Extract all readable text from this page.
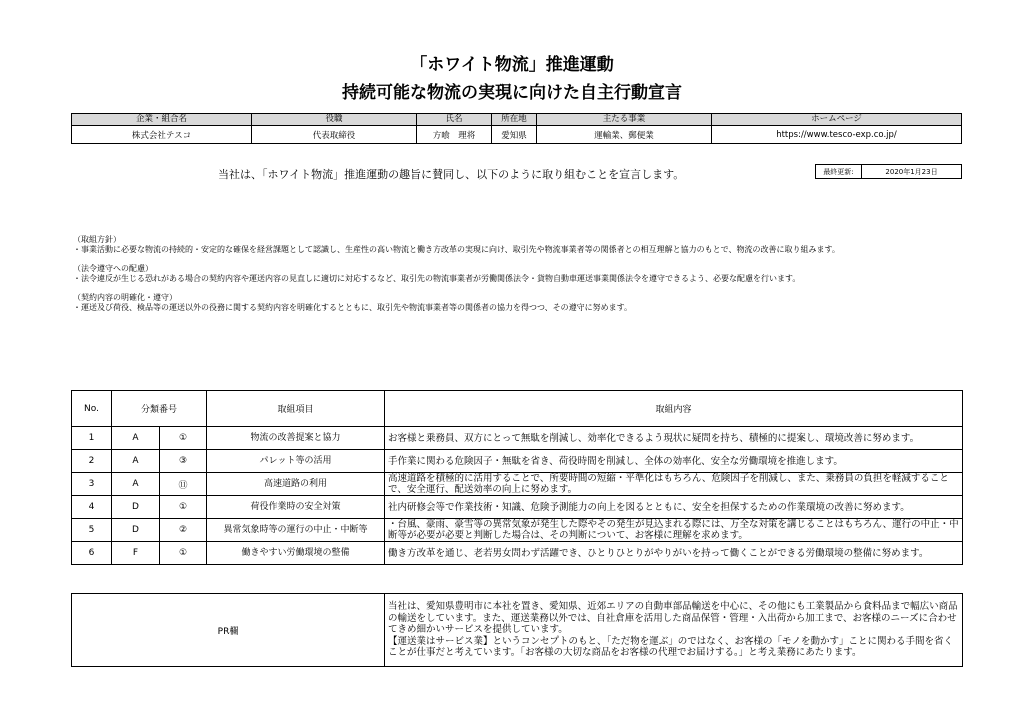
「ホワイト物流」推進運動
持続可能な物流の実現に向けた自主行動宣言
企業・組合名	役職	氏名	所在地	主たる事業	ホームページ
株式会社テスコ	代表取締役	方喰　理将	愛知県	運輸業、郵便業	https://www.tesco-exp.co.jp/
当社は、「ホワイト物流」推進運動の趣旨に賛同し、以下のように取り組むことを宣言します。	最終更新:	2020年1月23日
（取組方針）
・事業活動に必要な物流の持続的・安定的な確保を経営課題として認識し、生産性の高い物流と働き方改革の実現に向け、取引先や物流事業者等の関係者との相互理解と協力のもとで、物流の改善に取り組みます。
（法令遵守への配慮）
・法令違反が生じる恐れがある場合の契約内容や運送内容の見直しに適切に対応するなど、取引先の物流事業者が労働関係法令・貨物自動車運送事業関係法令を遵守できるよう、必要な配慮を行います。
（契約内容の明確化・遵守）
・運送及び荷役、検品等の運送以外の役務に関する契約内容を明確化するとともに、取引先や物流事業者等の関係者の協力を得つつ、その遵守に努めます。
No.	分類番号		取組項目	取組内容
1	A	①	物流の改善提案と協力	お客様と乗務員、双方にとって無駄を削減し、効率化できるよう現状に疑問を持ち、積極的に提案し、環境改善に努めます。
2	A	③	パレット等の活用	手作業に関わる危険因子・無駄を省き、荷役時間を削減し、全体の効率化、安全な労働環境を推進します。
3	A	⑪	高速道路の利用	高速道路を積極的に活用することで、所要時間の短縮・平準化はもちろん、危険因子を削減し、また、乗務員の負担を軽減することで、安全運行、配送効率の向上に努めます。
4	D	①	荷役作業時の安全対策	社内研修会等で作業技術・知識、危険予測能力の向上を図るとともに、安全を担保するための作業環境の改善に努めます。
5	D	②	異常気象時等の運行の中止・中断等	・台風、豪雨、豪雪等の異常気象が発生した際やその発生が見込まれる際には、万全な対策を講じることはもちろん、運行の中止・中断等が必要が必要と判断した場合は、その判断について、お客様に理解を求めます。
6	F	①	働きやすい労働環境の整備	働き方改革を通じ、老若男女問わず活躍でき、ひとりひとりがやりがいを持って働くことができる労働環境の整備に努めます。
PR欄	当社は、愛知県豊明市に本社を置き、愛知県、近郊エリアの自動車部品輸送を中心に、その他にも工業製品から食料品まで幅広い商品の輸送をしています。また、運送業務以外では、自社倉庫を活用した商品保管・管理・入出荷から加工まで、お客様のニーズに合わせてきめ細かいサービスを提供しています。
【運送業はサービス業】というコンセプトのもと、「ただ物を運ぶ」のではなく、お客様の「モノを動かす」ことに関わる手間を省くことが仕事だと考えています。「お客様の大切な商品をお客様の代理でお届けする。」と考え業務にあたります。
